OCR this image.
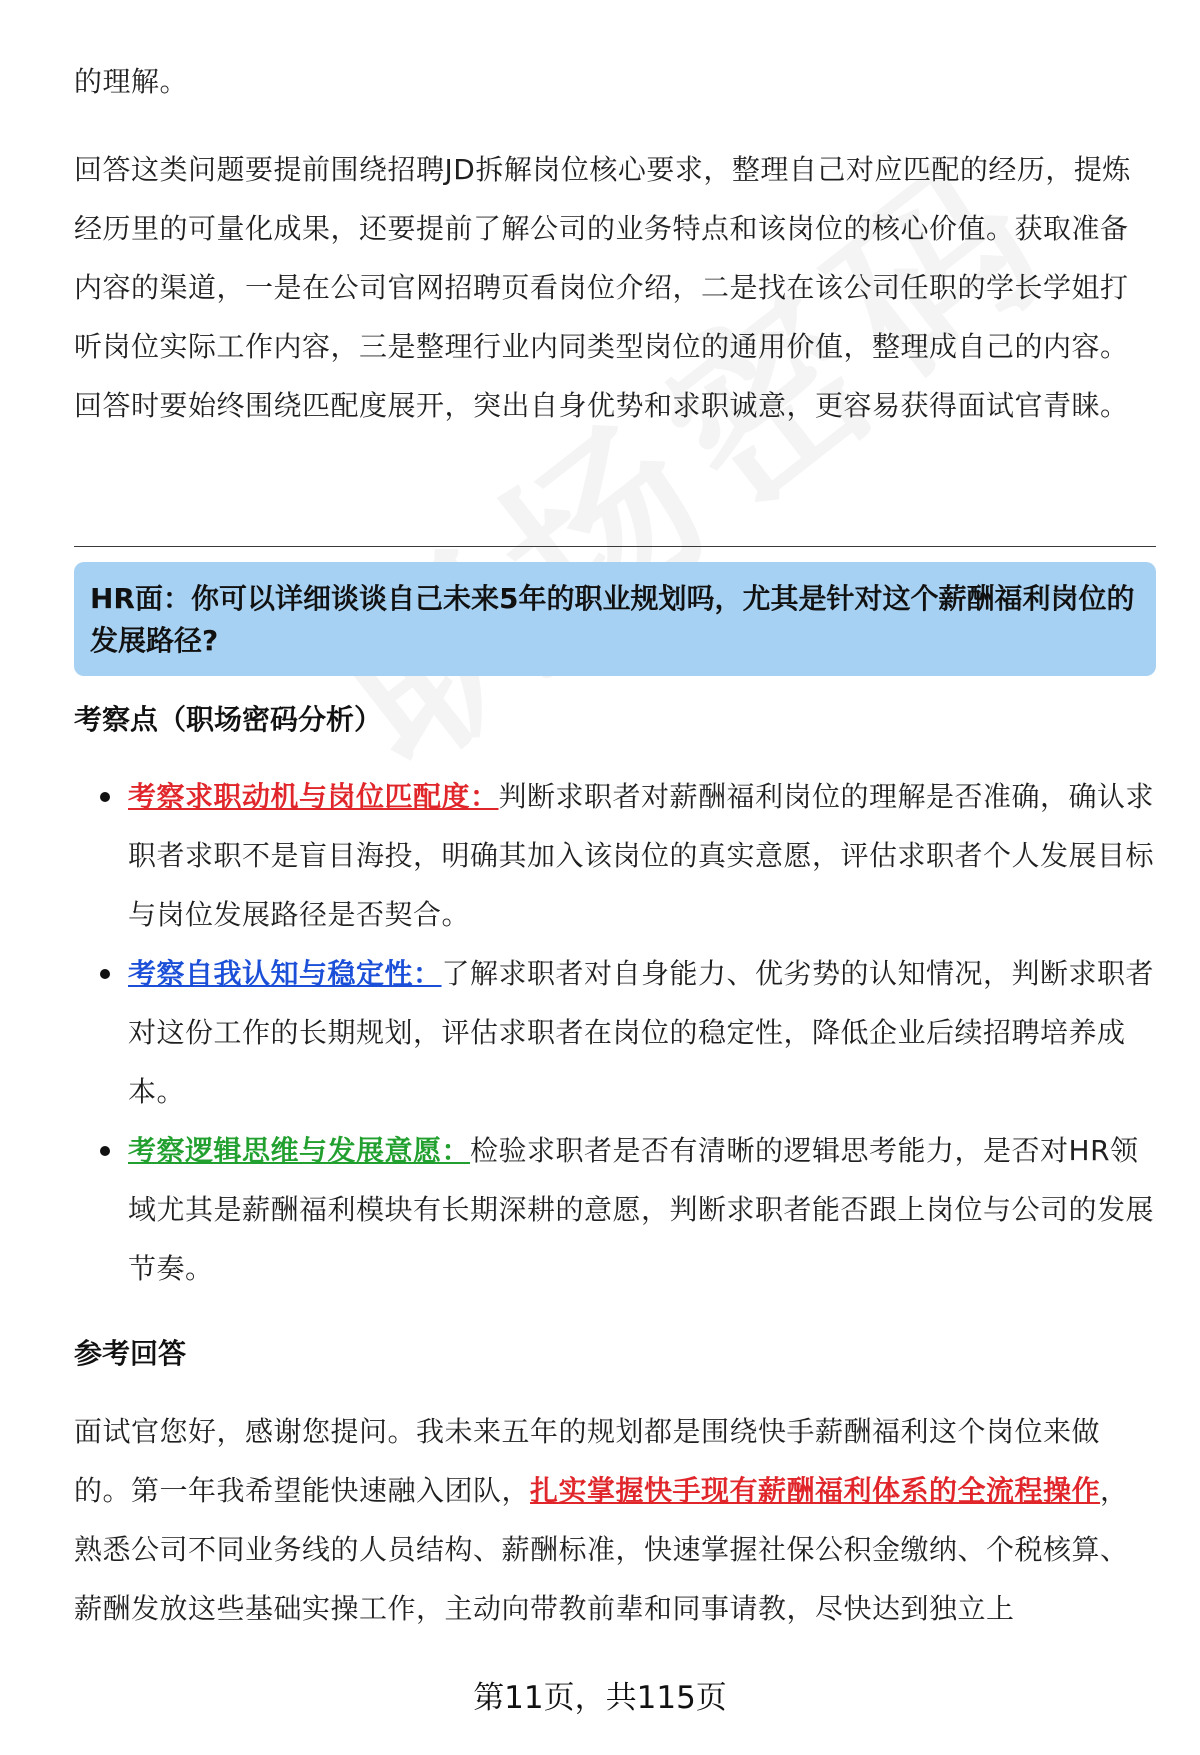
的理解。

回答这类问题要提前围绕招聘JD拆解岗位核心要求，整理自己对应匹配的经历，提炼经历里的可量化成果，还要提前了解公司的业务特点和该岗位的核心价值。获取准备内容的渠道，一是在公司官网招聘页看岗位介绍，二是找在该公司任职的学长学姐打听岗位实际工作内容，三是整理行业内同类型岗位的通用价值，整理成自己的内容。回答时要始终围绕匹配度展开，突出自身优势和求职诚意，更容易获得面试官青睐。

HR面：你可以详细谈谈自己未来5年的职业规划吗，尤其是针对这个薪酬福利岗位的发展路径?
考察点（职场密码分析）
考察求职动机与岗位匹配度：判断求职者对薪酬福利岗位的理解是否准确，确认求职者求职不是盲目海投，明确其加入该岗位的真实意愿，评估求职者个人发展目标与岗位发展路径是否契合。
考察自我认知与稳定性：了解求职者对自身能力、优劣势的认知情况，判断求职者对这份工作的长期规划，评估求职者在岗位的稳定性，降低企业后续招聘培养成本。
考察逻辑思维与发展意愿：检验求职者是否有清晰的逻辑思考能力，是否对HR领域尤其是薪酬福利模块有长期深耕的意愿，判断求职者能否跟上岗位与公司的发展节奏。
参考回答

面试官您好，感谢您提问。我未来五年的规划都是围绕快手薪酬福利这个岗位来做的。第一年我希望能快速融入团队，扎实掌握快手现有薪酬福利体系的全流程操作，熟悉公司不同业务线的人员结构、薪酬标准，快速掌握社保公积金缴纳、个税核算、薪酬发放这些基础实操工作，主动向带教前辈和同事请教，尽快达到独立上

第11页，共115页
